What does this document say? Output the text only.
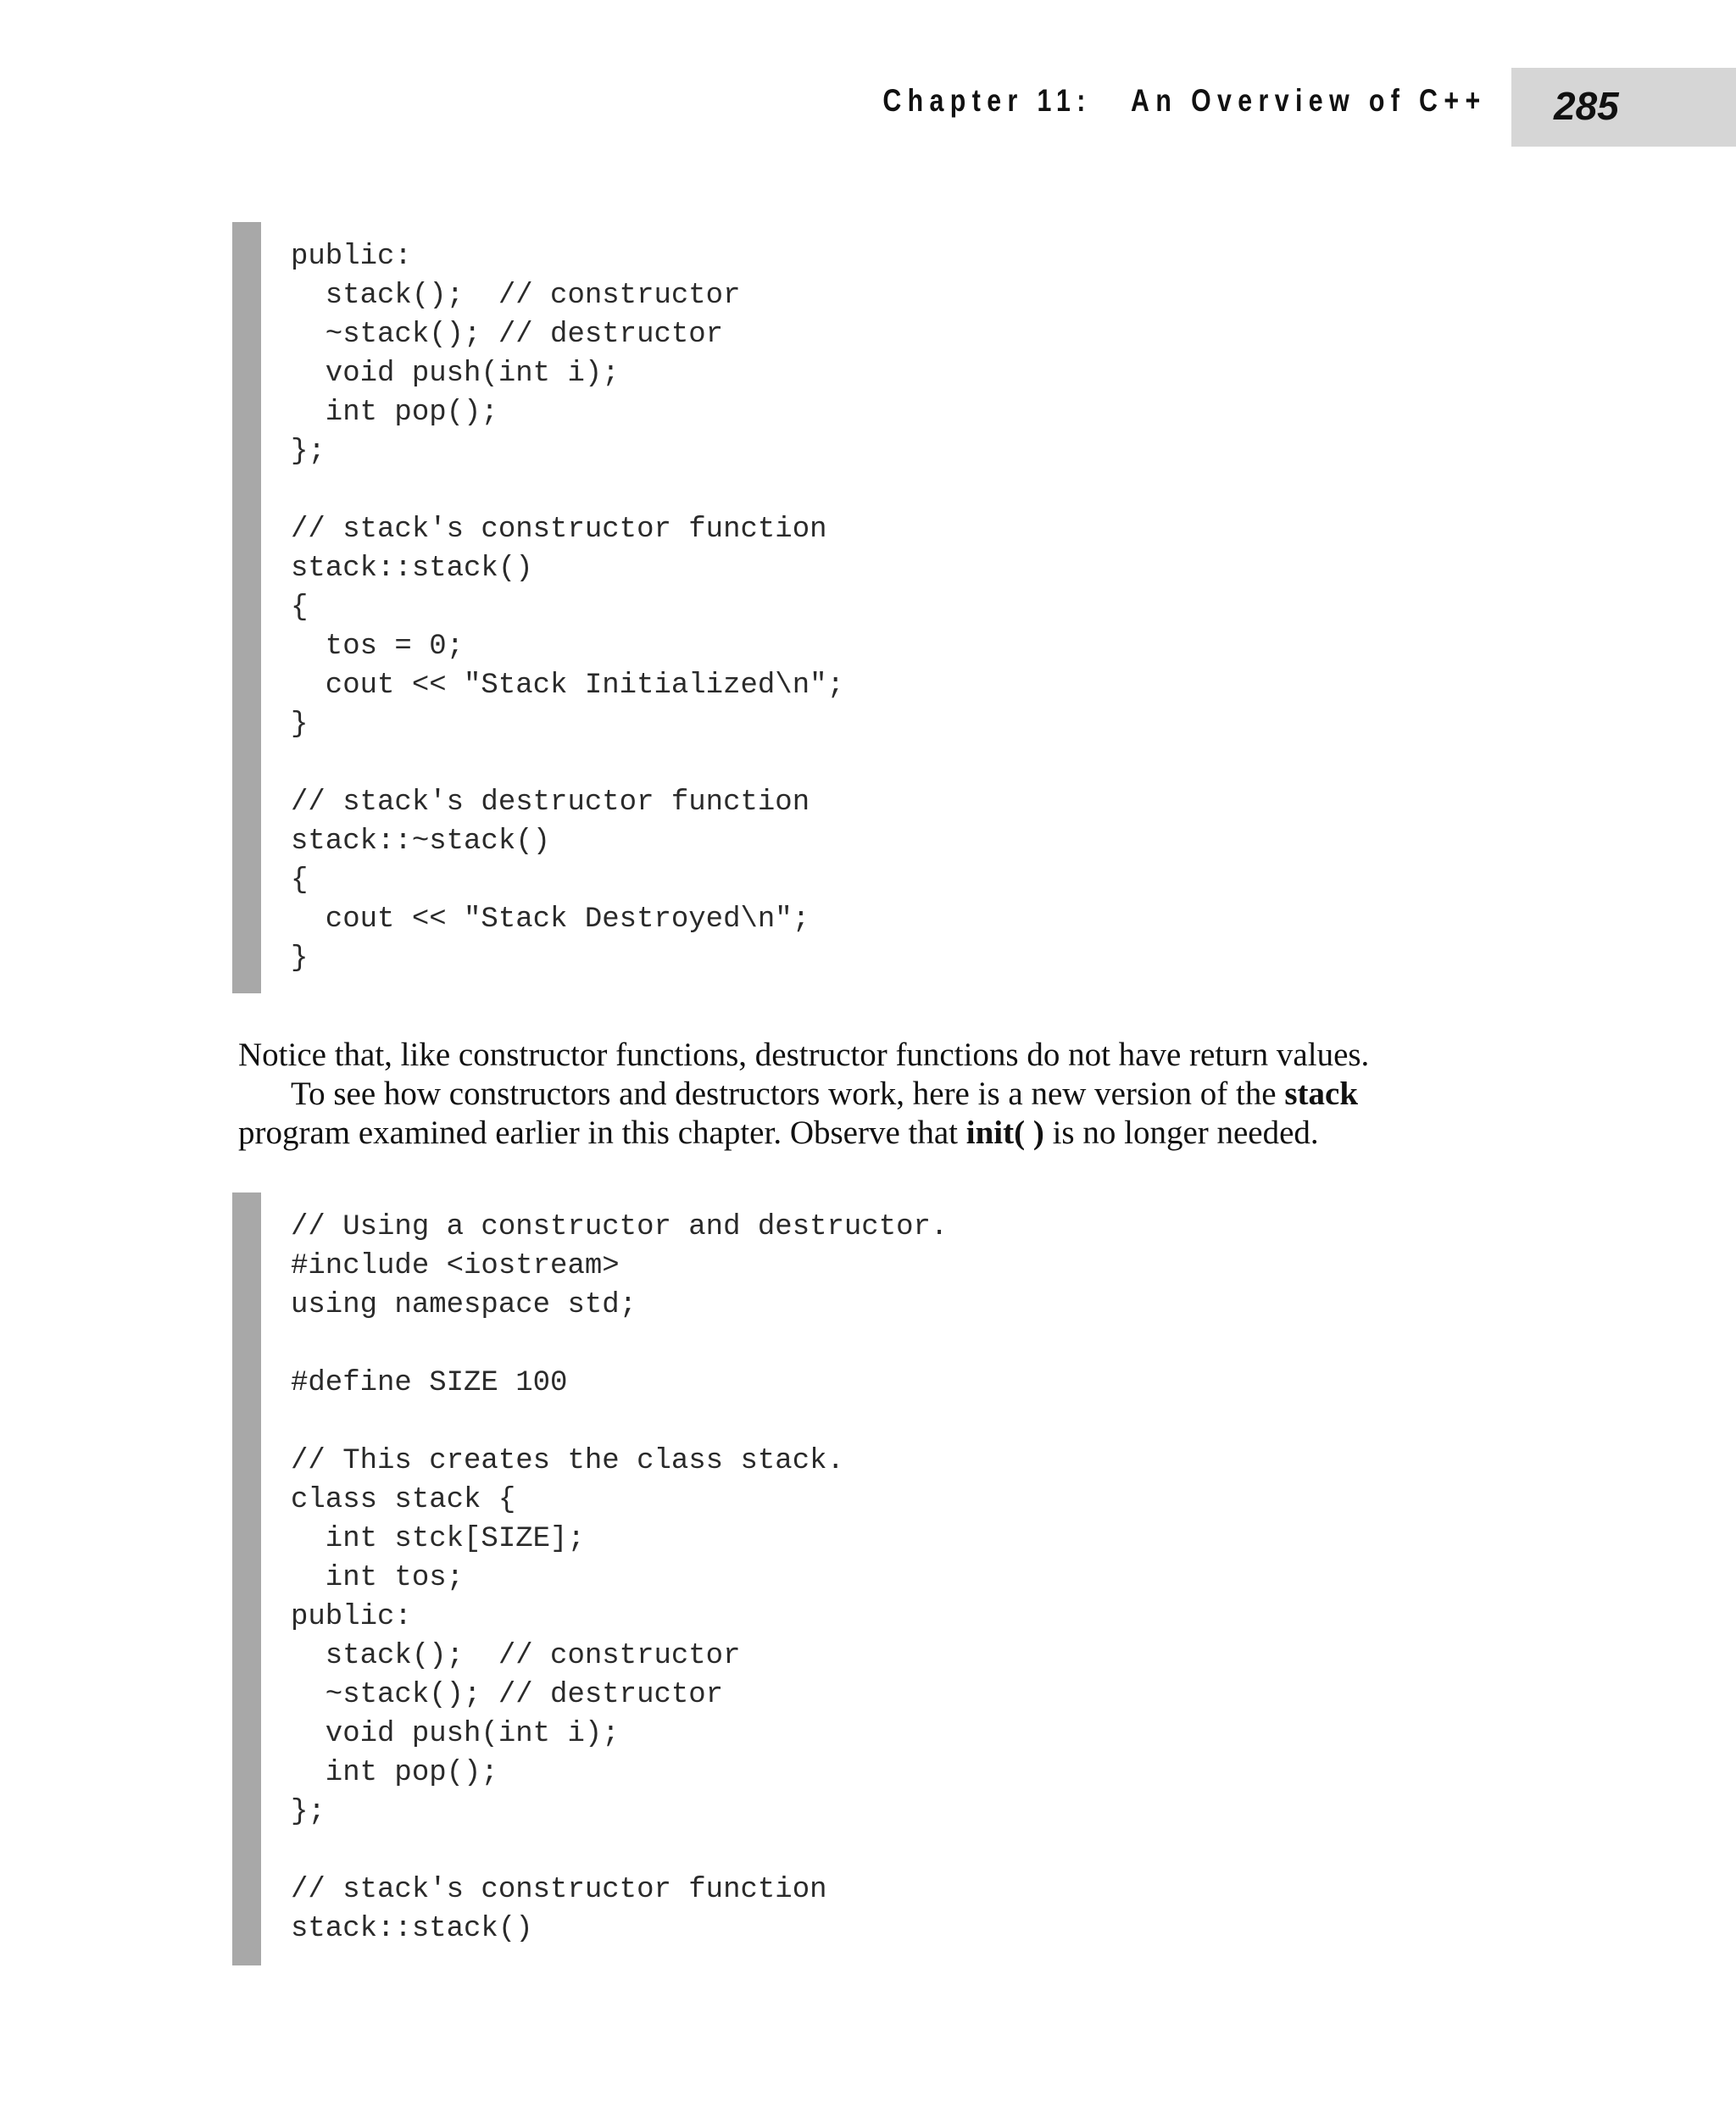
Chapter 11:   An Overview of C++ 285
public:
stack();  // constructor
~stack(); // destructor
void push(int i);
int pop();
};

// stack's constructor function
stack::stack()
{
tos = 0;
cout << "Stack Initialized\n";
}

// stack's destructor function
stack::~stack()
{
cout << "Stack Destroyed\n";
}

Notice that, like constructor functions, destructor functions do not have return values.

To see how constructors and destructors work, here is a new version of the stack program examined earlier in this chapter. Observe that init( ) is no longer needed.

// Using a constructor and destructor.
#include <iostream>
using namespace std;

#define SIZE 100

// This creates the class stack.
class stack {
int stck[SIZE];
int tos;
public:
stack();  // constructor
~stack(); // destructor
void push(int i);
int pop();
};

// stack's constructor function
stack::stack()
